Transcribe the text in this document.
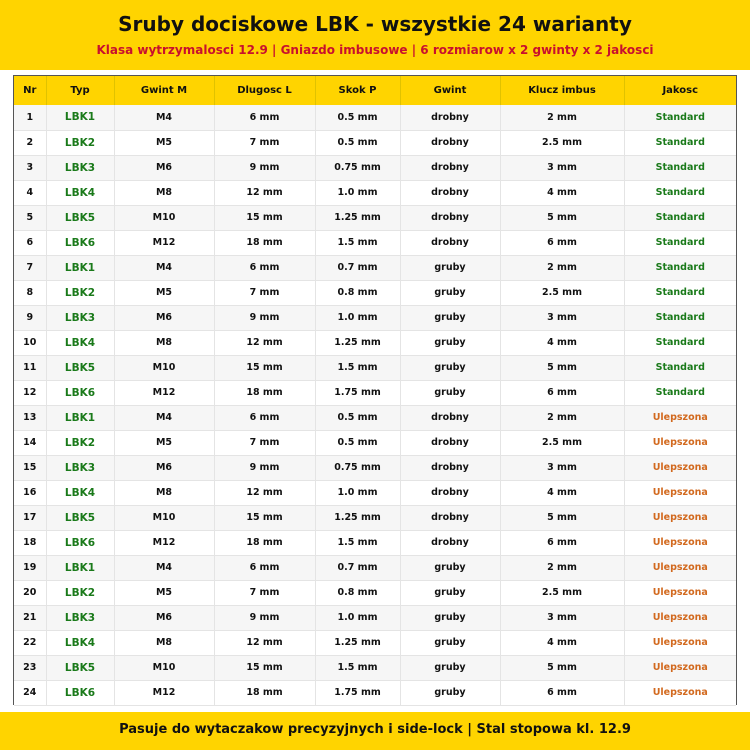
Sruby dociskowe LBK - wszystkie 24 warianty
Klasa wytrzymalosci 12.9 | Gniazdo imbusowe | 6 rozmiarow x 2 gwinty x 2 jakosci
Nr	Typ	Gwint M	Dlugosc L	Skok P	Gwint	Klucz imbus	Jakosc
1	LBK1	M4	6 mm	0.5 mm	drobny	2 mm	Standard
2	LBK2	M5	7 mm	0.5 mm	drobny	2.5 mm	Standard
3	LBK3	M6	9 mm	0.75 mm	drobny	3 mm	Standard
4	LBK4	M8	12 mm	1.0 mm	drobny	4 mm	Standard
5	LBK5	M10	15 mm	1.25 mm	drobny	5 mm	Standard
6	LBK6	M12	18 mm	1.5 mm	drobny	6 mm	Standard
7	LBK1	M4	6 mm	0.7 mm	gruby	2 mm	Standard
8	LBK2	M5	7 mm	0.8 mm	gruby	2.5 mm	Standard
9	LBK3	M6	9 mm	1.0 mm	gruby	3 mm	Standard
10	LBK4	M8	12 mm	1.25 mm	gruby	4 mm	Standard
11	LBK5	M10	15 mm	1.5 mm	gruby	5 mm	Standard
12	LBK6	M12	18 mm	1.75 mm	gruby	6 mm	Standard
13	LBK1	M4	6 mm	0.5 mm	drobny	2 mm	Ulepszona
14	LBK2	M5	7 mm	0.5 mm	drobny	2.5 mm	Ulepszona
15	LBK3	M6	9 mm	0.75 mm	drobny	3 mm	Ulepszona
16	LBK4	M8	12 mm	1.0 mm	drobny	4 mm	Ulepszona
17	LBK5	M10	15 mm	1.25 mm	drobny	5 mm	Ulepszona
18	LBK6	M12	18 mm	1.5 mm	drobny	6 mm	Ulepszona
19	LBK1	M4	6 mm	0.7 mm	gruby	2 mm	Ulepszona
20	LBK2	M5	7 mm	0.8 mm	gruby	2.5 mm	Ulepszona
21	LBK3	M6	9 mm	1.0 mm	gruby	3 mm	Ulepszona
22	LBK4	M8	12 mm	1.25 mm	gruby	4 mm	Ulepszona
23	LBK5	M10	15 mm	1.5 mm	gruby	5 mm	Ulepszona
24	LBK6	M12	18 mm	1.75 mm	gruby	6 mm	Ulepszona
Pasuje do wytaczakow precyzyjnych i side-lock | Stal stopowa kl. 12.9
